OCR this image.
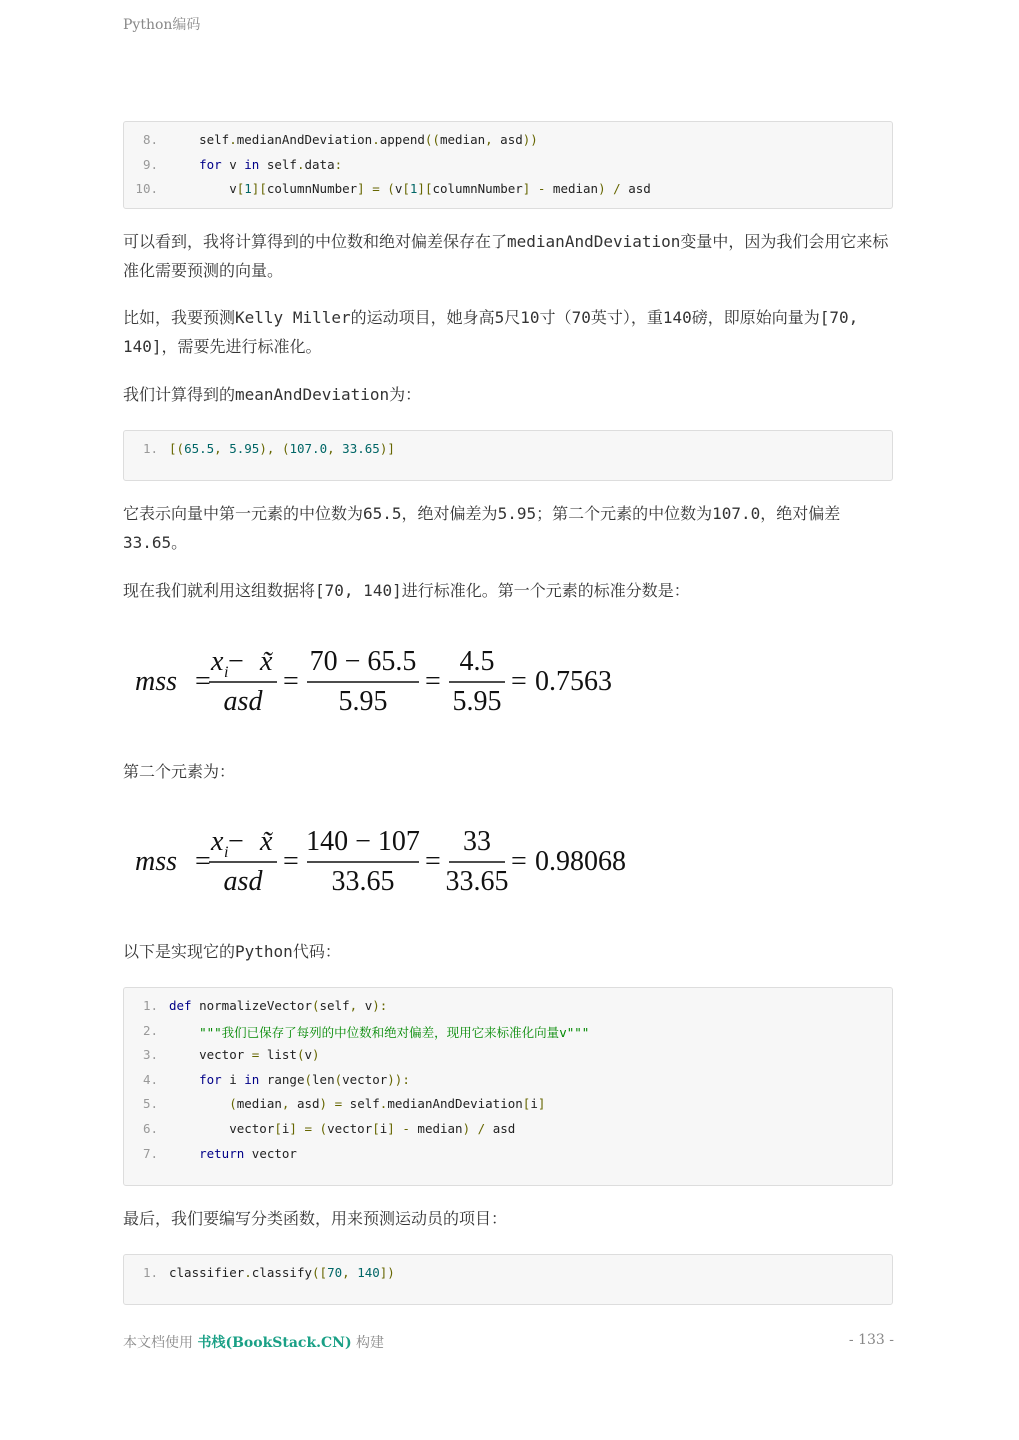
Python编码
8. self.medianAndDeviation.append((median, asd))
9.	for v in self.data:
10. v[1][columnNumber] = (v[1][columnNumber] - median) / asd
可以看到，我将计算得到的中位数和绝对偏差保存在了medianAndDeviation变量中，因为我们会用它来标准化需要预测的向量。
比如，我要预测Kelly Miller的运动项目，她身高5尺10寸（70英寸），重140磅，即原始向量为[70, 140]，需要先进行标准化。
我们计算得到的meanAndDeviation为：
1. [(65.5, 5.95), (107.0, 33.65)]
它表示向量中第一元素的中位数为65.5，绝对偏差为5.95；第二个元素的中位数为107.0，绝对偏差33.65。
现在我们就利用这组数据将[70, 140]进行标准化。第一个元素的标准分数是：
mss =
x i − x̃
asd
=
70 − 65.5
5.95
=
4.5
5.95
= 0.7563
第二个元素为：
mss =
x i − x̃
asd
=
140 − 107
33.65
=
33
33.65
= 0.98068
以下是实现它的Python代码：
1. def normalizeVector(self, v):
2.	"""我们已保存了每列的中位数和绝对偏差，现用它来标准化向量v"""
3. vector = list(v)
4.	for i in range(len(vector)):
5.	(median, asd) = self.medianAndDeviation[i]
6. vector[i] = (vector[i] - median) / asd
7.	return vector
最后，我们要编写分类函数，用来预测运动员的项目：
1. classifier.classify([70, 140])
本文档使用 书栈(BookStack.CN) 构建	- 133 -
